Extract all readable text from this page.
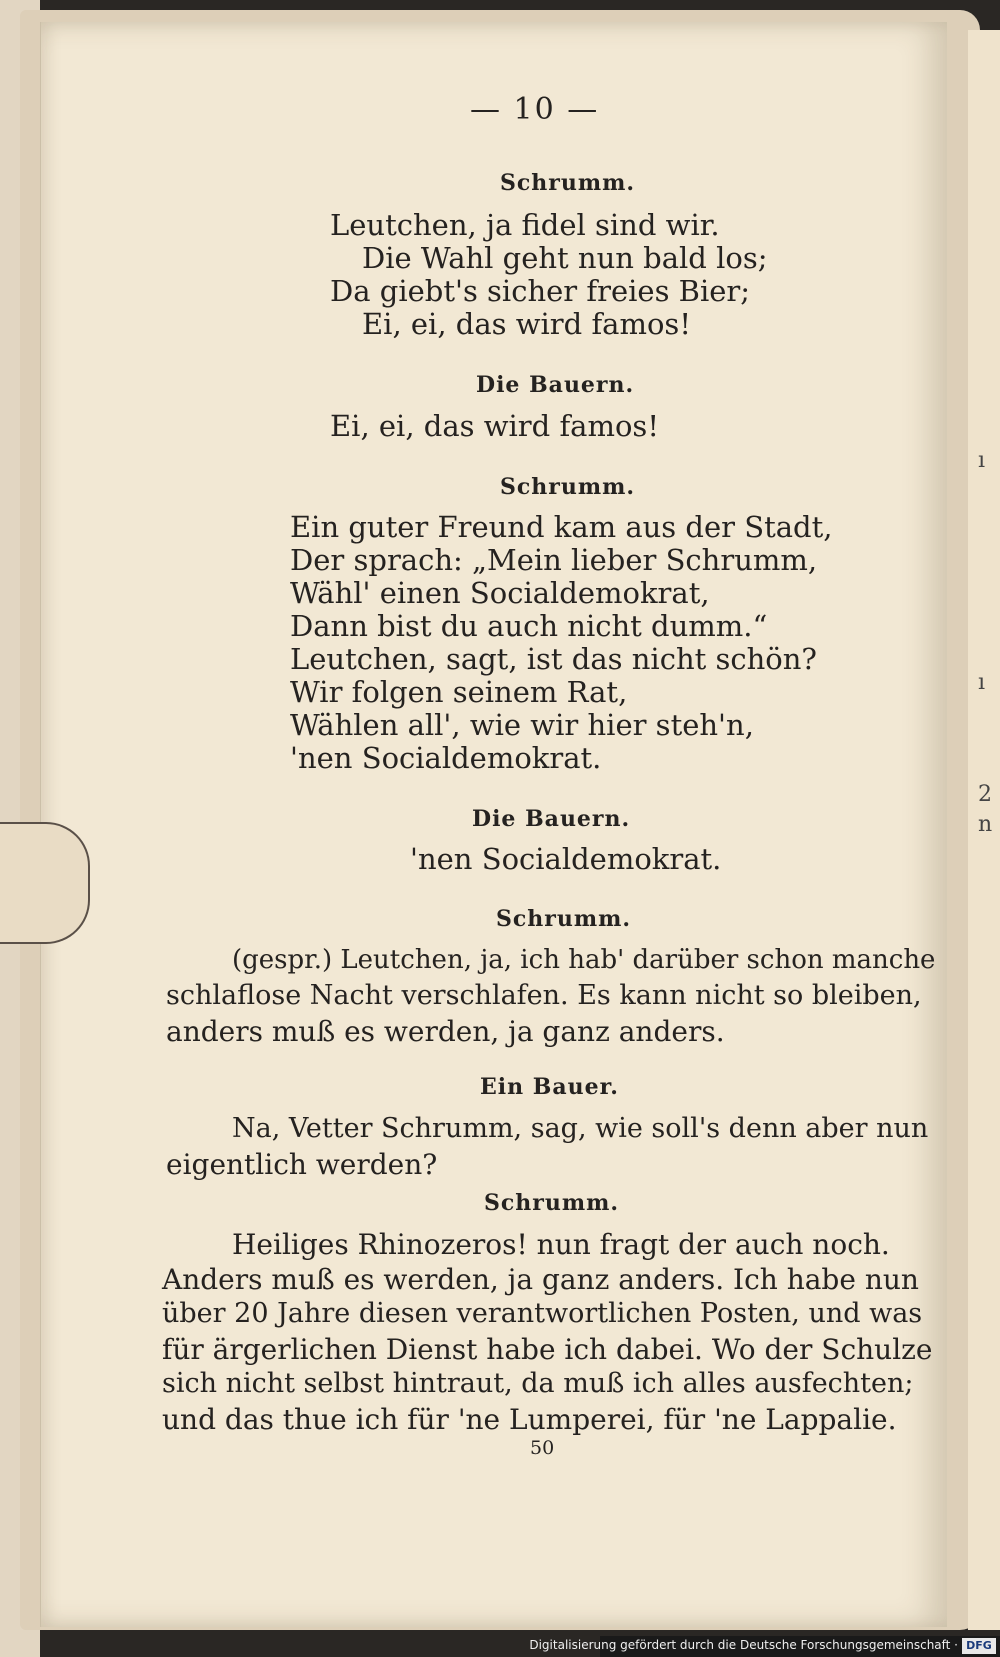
ı
ı
2
n
— 10 —
Schrumm.
Leutchen, ja fidel sind wir.
Die Wahl geht nun bald los;
Da giebt's sicher freies Bier;
Ei, ei, das wird famos!
Die Bauern.
Ei, ei, das wird famos!
Schrumm.
Ein guter Freund kam aus der Stadt,
Der sprach: „Mein lieber Schrumm,
Wähl' einen Socialdemokrat,
Dann bist du auch nicht dumm.“
Leutchen, sagt, ist das nicht schön?
Wir folgen seinem Rat,
Wählen all', wie wir hier steh'n,
'nen Socialdemokrat.
Die Bauern.
'nen Socialdemokrat.
Schrumm.
(gespr.) Leutchen, ja, ich hab' darüber schon manche
schlaflose Nacht verschlafen. Es kann nicht so bleiben,
anders muß es werden, ja ganz anders.
Ein Bauer.
Na, Vetter Schrumm, sag, wie soll's denn aber nun
eigentlich werden?
Schrumm.
Heiliges Rhinozeros! nun fragt der auch noch.
Anders muß es werden, ja ganz anders. Ich habe nun
über 20 Jahre diesen verantwortlichen Posten, und was
für ärgerlichen Dienst habe ich dabei. Wo der Schulze
sich nicht selbst hintraut, da muß ich alles ausfechten;
und das thue ich für 'ne Lumperei, für 'ne Lappalie.
50
Digitalisierung gefördert durch die Deutsche Forschungsgemeinschaft · DFG
